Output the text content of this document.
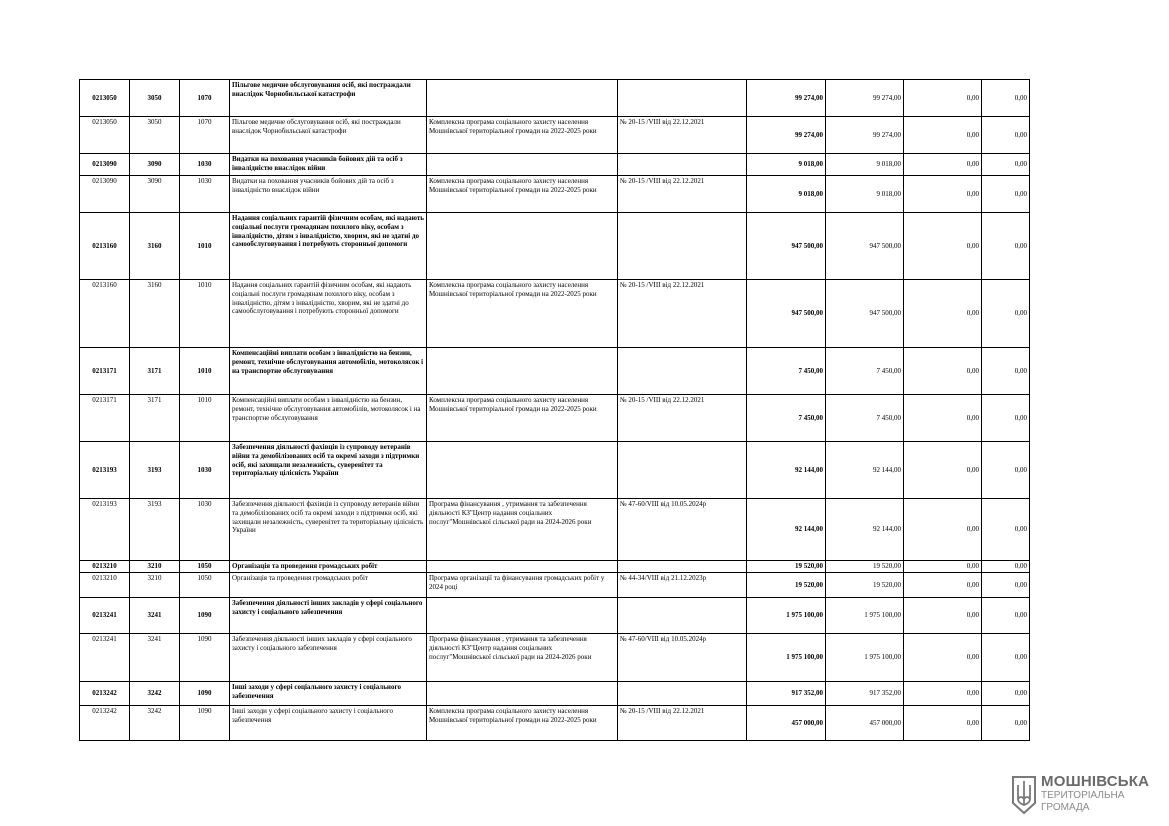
0213050	3050	1070	Пільгове медичне обслуговування осіб, які постраждали внаслідок Чорнобильської катастрофи			99 274,00	99 274,00	0,00	0,00
0213050	3050	1070	Пільгове медичне обслуговування осіб, які постраждали внаслідок Чорнобильської катастрофи	Комплексна програма соціального захисту населення Мошнівської територіальної громади на 2022-2025 роки	№ 20-15 /VIII від 22.12.2021	99 274,00	99 274,00	0,00	0,00
0213090	3090	1030	Видатки на поховання учасників бойових дій та осіб з інвалідністю внаслідок війни			9 018,00	9 018,00	0,00	0,00
0213090	3090	1030	Видатки на поховання учасників бойових дій та осіб з інвалідністю внаслідок війни	Комплексна програма соціального захисту населення Мошнівської територіальної громади на 2022-2025 роки	№ 20-15 /VIII від 22.12.2021	9 018,00	9 018,00	0,00	0,00
0213160	3160	1010	Надання соціальних гарантій фізичним особам, які надають соціальні послуги громадянам похилого віку, особам з інвалідністю, дітям з інвалідністю, хворим, які не здатні до самообслуговування і потребують сторонньої допомоги			947 500,00	947 500,00	0,00	0,00
0213160	3160	1010	Надання соціальних гарантій фізичним особам, які надають соціальні послуги громадянам похилого віку, особам з інвалідністю, дітям з інвалідністю, хворим, які не здатні до самообслуговування і потребують сторонньої допомоги	Комплексна програма соціального захисту населення Мошнівської територіальної громади на 2022-2025 роки	№ 20-15 /VIII від 22.12.2021	947 500,00	947 500,00	0,00	0,00
0213171	3171	1010	Компенсаційні виплати особам з інвалідністю на бензин, ремонт, технічне обслуговування автомобілів, мотоколясок і на транспортне обслуговування			7 450,00	7 450,00	0,00	0,00
0213171	3171	1010	Компенсаційні виплати особам з інвалідністю на бензин, ремонт, технічне обслуговування автомобілів, мотоколясок і на транспортне обслуговування	Комплексна програма соціального захисту населення Мошнівської територіальної громади на 2022-2025 роки	№ 20-15 /VIII від 22.12.2021	7 450,00	7 450,00	0,00	0,00
0213193	3193	1030	Забезпечення діяльності фахівців із супроводу ветеранів війни та демобілізованих осіб та окремі заходи з підтримки осіб, які захищали незалежність, суверенітет та територіальну цілісність України			92 144,00	92 144,00	0,00	0,00
0213193	3193	1030	Забезпечення діяльності фахівців із супроводу ветеранів війни та демобілізованих осіб та окремі заходи з підтримки осіб, які захищали незалежність, суверенітет та територіальну цілісність України	Програма фінансування , утримання та забезпечення діяльності КЗ"Центр надання соціальних послуг"Мошнівської сільської ради на 2024-2026 роки	№ 47-60/VIII від 10.05.2024р	92 144,00	92 144,00	0,00	0,00
0213210	3210	1050	Організація та проведення громадських робіт			19 520,00	19 520,00	0,00	0,00
0213210	3210	1050	Організація та проведення громадських робіт	Програма організації та фінансування громадських робіт у 2024 році	№ 44-34/VIII від 21.12.2023р	19 520,00	19 520,00	0,00	0,00
0213241	3241	1090	Забезпечення діяльності інших закладів у сфері соціального захисту і соціального забезпечення			1 975 100,00	1 975 100,00	0,00	0,00
0213241	3241	1090	Забезпечення діяльності інших закладів у сфері соціального захисту і соціального забезпечення	Програма фінансування , утримання та забезпечення діяльності КЗ"Центр надання соціальних послуг"Мошнівської сільської ради на 2024-2026 роки	№ 47-60/VIII від 10.05.2024р	1 975 100,00	1 975 100,00	0,00	0,00
0213242	3242	1090	Інші заходи у сфері соціального захисту і соціального забезпечення			917 352,00	917 352,00	0,00	0,00
0213242	3242	1090	Інші заходи у сфері соціального захисту і соціального забезпечення	Комплексна програма соціального захисту населення Мошнівської територіальної громади на 2022-2025 роки	№ 20-15 /VIII від 22.12.2021	457 000,00	457 000,00	0,00	0,00
МОШНІВСЬКА
ТЕРИТОРІАЛЬНА
ГРОМАДА
